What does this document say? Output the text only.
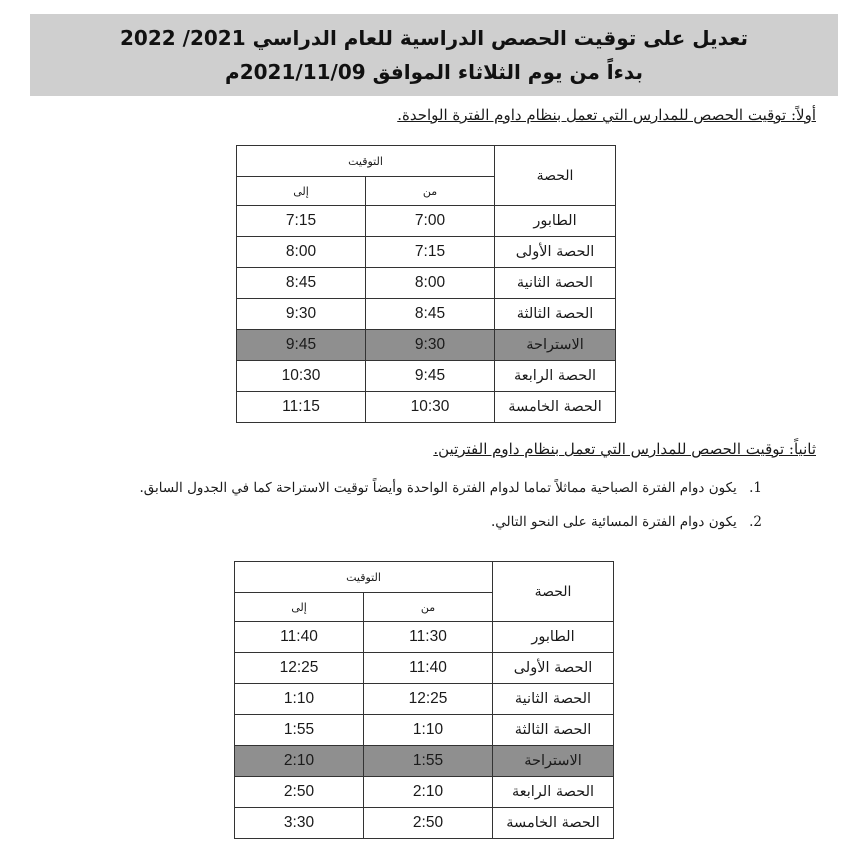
تعديل على توقيت الحصص الدراسية للعام الدراسي 2021/ 2022
بدءاً من يوم الثلاثاء الموافق 2021/11/09م
أولاً: توقيت الحصص للمدارس التي تعمل بنظام داوم الفترة الواحدة.
الحصة	التوقيت	
	من	إلى
الطابور	7:00	7:15
الحصة الأولى	7:15	8:00
الحصة الثانية	8:00	8:45
الحصة الثالثة	8:45	9:30
الاستراحة	9:30	9:45
الحصة الرابعة	9:45	10:30
الحصة الخامسة	10:30	11:15
ثانياً: توقيت الحصص للمدارس التي تعمل بنظام داوم الفترتين.
1. يكون دوام الفترة الصباحية مماثلاً تماما لدوام الفترة الواحدة وأيضاً توقيت الاستراحة كما في الجدول السابق.
2. يكون دوام الفترة المسائية على النحو التالي.
الحصة	التوقيت	
	من	إلى
الطابور	11:30	11:40
الحصة الأولى	11:40	12:25
الحصة الثانية	12:25	1:10
الحصة الثالثة	1:10	1:55
الاستراحة	1:55	2:10
الحصة الرابعة	2:10	2:50
الحصة الخامسة	2:50	3:30
